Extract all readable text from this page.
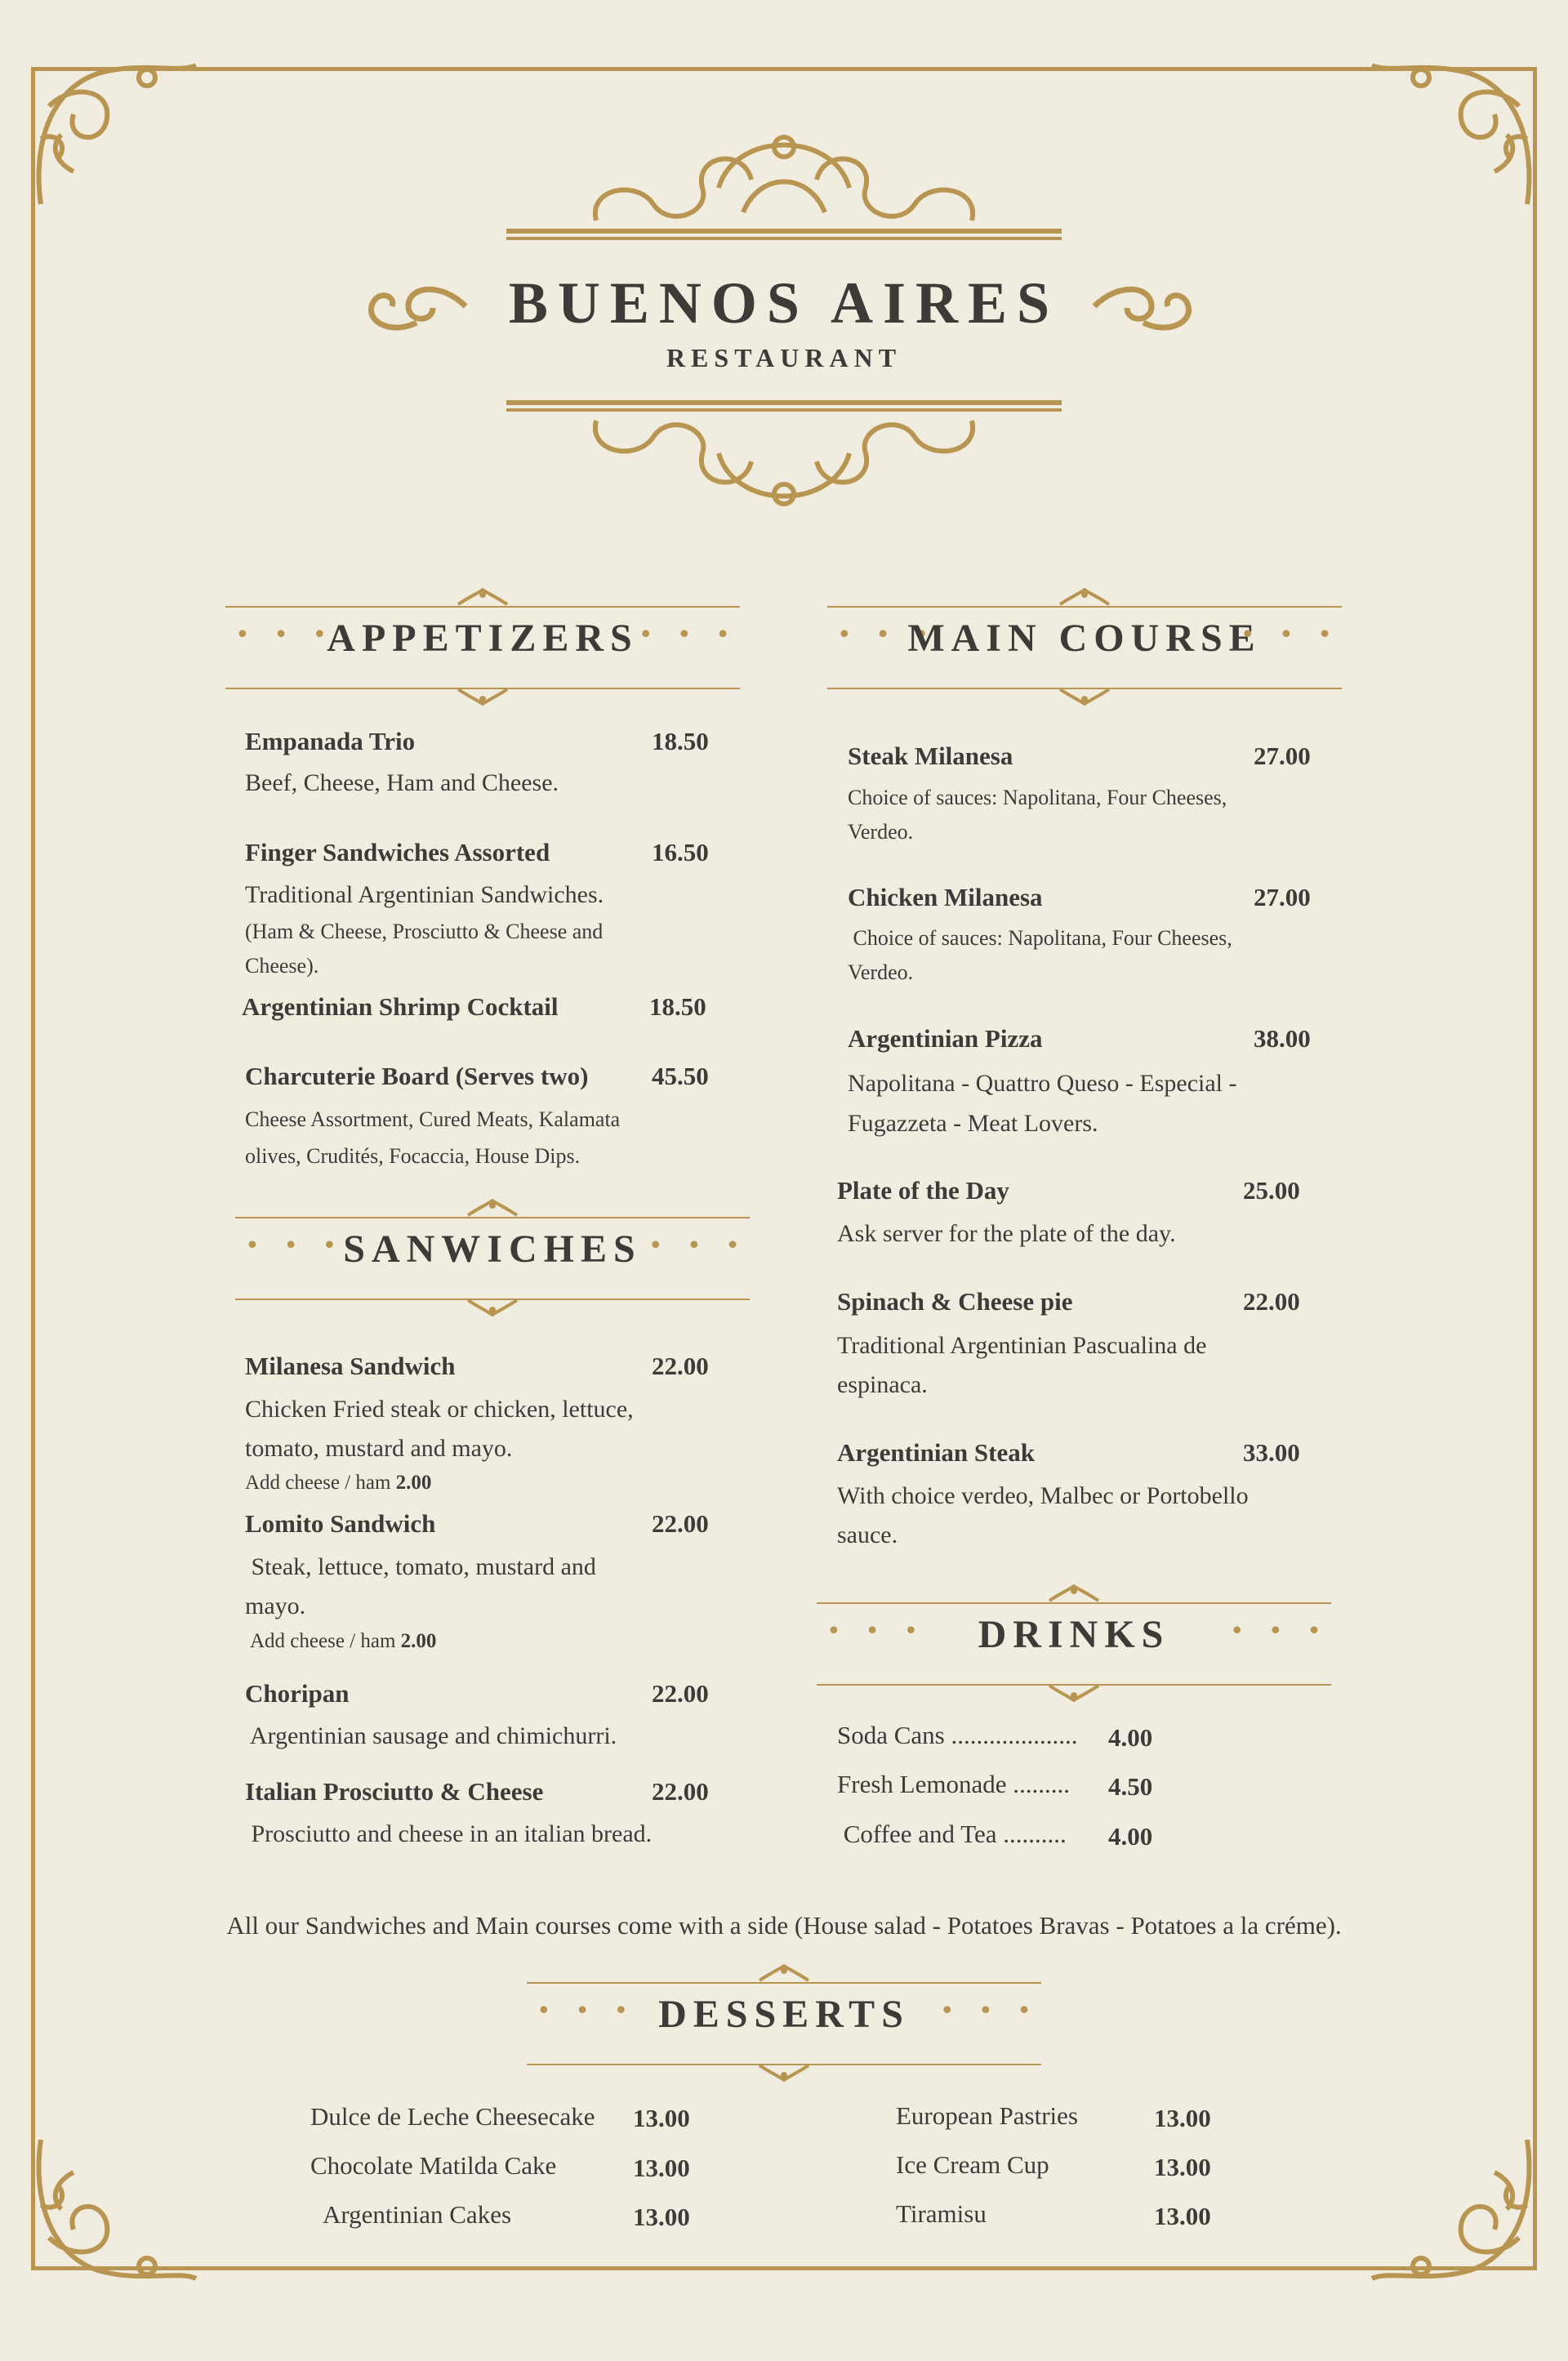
BUENOS AIRES
RESTAURANT
• • •
APPETIZERS • • •	• • •
MAIN COURSE
• • •
Empanada Trio	18.50
Beef, Cheese, Ham and Cheese.
Finger Sandwiches Assorted	16.50
Traditional Argentinian Sandwiches.
(Ham & Cheese, Prosciutto & Cheese and
Cheese).
Argentinian Shrimp Cocktail	18.50
Charcuterie Board (Serves two)	45.50
Cheese Assortment, Cured Meats, Kalamata
olives, Crudités, Focaccia, House Dips.
• • •
SANWICHES • • •
Milanesa Sandwich	22.00
Chicken Fried steak or chicken, lettuce,
tomato, mustard and mayo.
Add cheese / ham 2.00
Lomito Sandwich	22.00
Steak, lettuce, tomato, mustard and
mayo.
Add cheese / ham 2.00
Choripan	22.00
Argentinian sausage and chimichurri.
Italian Prosciutto & Cheese	22.00
Prosciutto and cheese in an italian bread.
Steak Milanesa	27.00
Choice of sauces: Napolitana, Four Cheeses,
Verdeo.
Chicken Milanesa	27.00
Choice of sauces: Napolitana, Four Cheeses,
Verdeo.
Argentinian Pizza	38.00
Napolitana - Quattro Queso - Especial -
Fugazzeta - Meat Lovers.
Plate of the Day	25.00
Ask server for the plate of the day.
Spinach & Cheese pie	22.00
Traditional Argentinian Pascualina de
espinaca.
Argentinian Steak	33.00
With choice verdeo, Malbec or Portobello
sauce.
• • •	DRINKS	• • •
Soda Cans .................... 4.00
Fresh Lemonade ......... 4.50
Coffee and Tea .......... 4.00
All our Sandwiches and Main courses come with a side (House salad - Potatoes Bravas - Potatoes a la créme).
• • • DESSERTS	• • •
Dulce de Leche Cheesecake 13.00
Chocolate Matilda Cake	13.00
Argentinian Cakes	13.00
European Pastries	13.00
Ice Cream Cup	13.00
Tiramisu	13.00
